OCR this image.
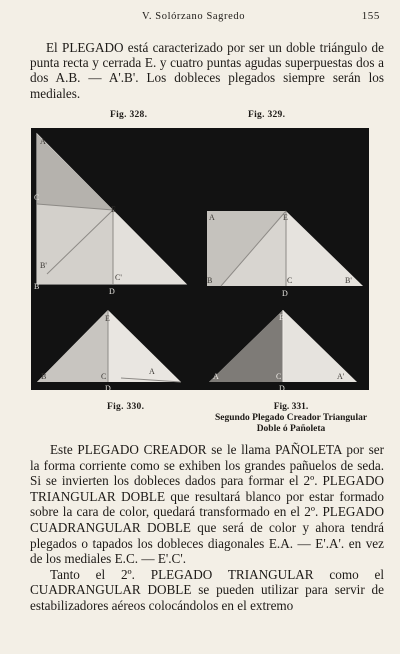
V. Solórzano Sagredo	155

El PLEGADO está caracterizado por ser un doble triángulo de punta recta y cerrada E. y cuatro puntas agudas superpuestas dos a dos A.B. — A'.B'. Los dobleces plegados siempre serán los mediales.

Fig. 328.	Fig. 329.
A
E
B'
C'
C
B
D
A	E
B	C	B'
D
E
B	C
A
D
E
A	C	A'
D
Fig. 330.	Fig. 331.
Segundo Plegado Creador Triangular
Doble ó Pañoleta

Este PLEGADO CREADOR se le llama PAÑOLETA por ser la forma corriente como se exhiben los grandes pañuelos de seda. Si se invierten los dobleces dados para formar el 2º. PLEGADO TRIANGULAR DOBLE que resultará blanco por estar formado sobre la cara de color, quedará transformado en el 2º. PLEGADO CUADRANGULAR DOBLE que será de color y ahora tendrá plegados o tapados los dobleces diagonales E.A. — E'.A'. en vez de los mediales E.C. — E'.C'.

Tanto el 2º. PLEGADO TRIANGULAR como el CUADRANGULAR DOBLE se pueden utilizar para servir de estabilizadores aéreos colocándolos en el extremo
